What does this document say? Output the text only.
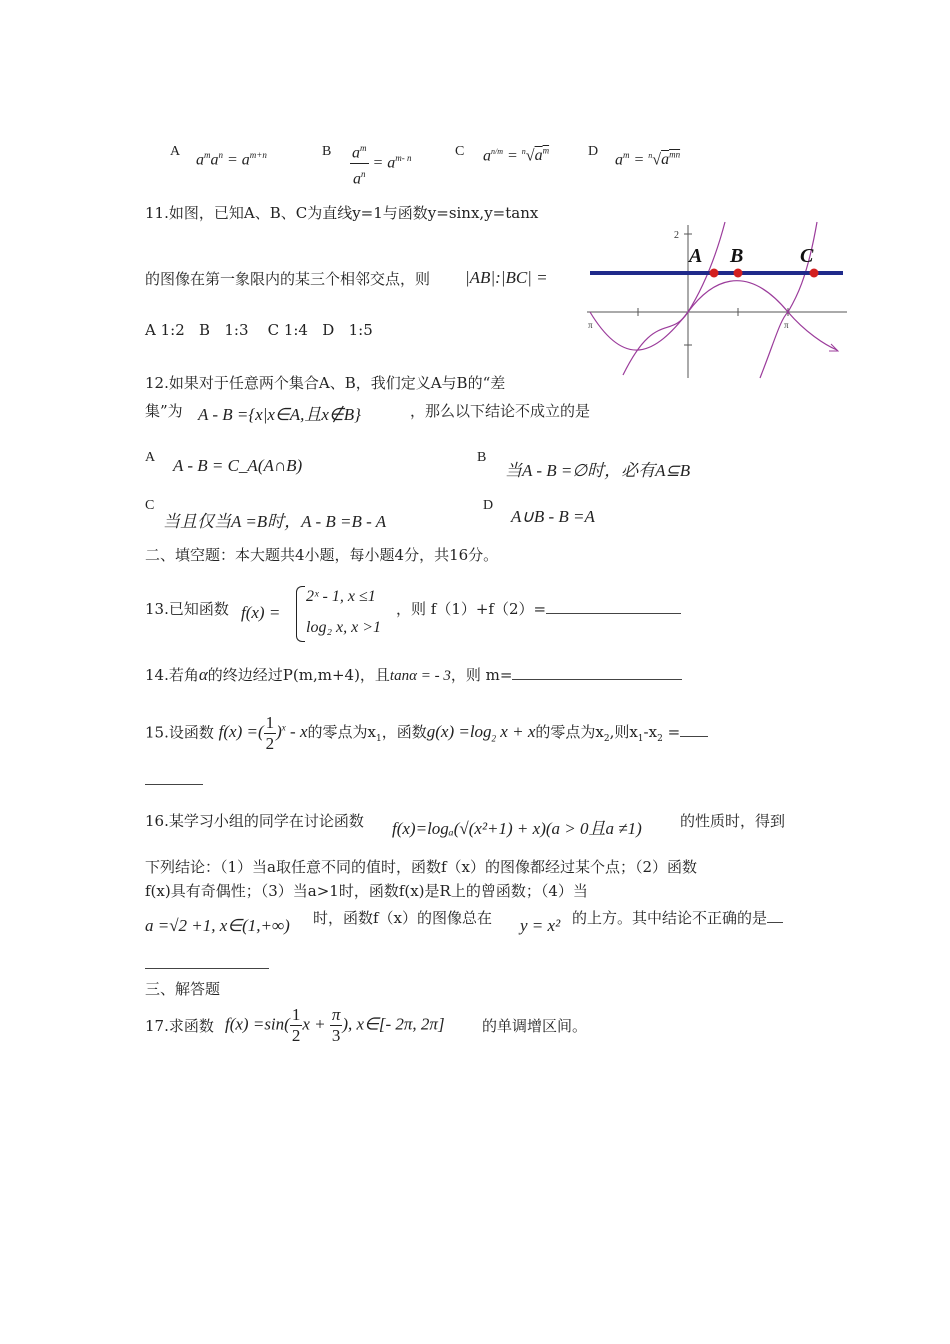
A $a^ma^n = a^{m+n}$	B $\frac{a^m}{a^n} = a^{m- n}$	C $a^{n/m} = ^n√a^m$	D $a^m = ^n√a^{mn}$
11.如图，已知A、B、C为直线y=1与函数y=sinx,y=tanx
的图像在第一象限内的某三个相邻交点，则 |AB|:|BC| =
A 1:2   B   1:3    C 1:4   D   1:5
2
π	π
A B	C
12.如果对于任意两个集合A、B，我们定义A与B的“差
集”为 A - B ={x|x∈A,且x∉B}	，那么以下结论不成立的是
A A - B = C_A(A∩B)	B
当A - B =∅时，必有A⊆B
C
当且仅当A =B时，A - B =B - A
D
A∪B - B =A
二、填空题：本大题共4小题，每小题4分，共16分。
13.已知函数 f(x) =
2ˣ - 1, x ≤1
log₂ x, x >1
，则 f（1）+f（2）=
14.若角α的终边经过P(m,m+4)，且tanα = - 3，则 m=
15.设函数 f(x) =( $\frac{1}{2} )^x$ - x的零点为$x_1$，函数$g(x) =\log_2$ x + x的零点为$x_2$,则$x_1-x_2$ =
16.某学习小组的同学在讨论函数 f(x)=logₐ(√(x²+1) + x)(a > 0且a ≠1)	的性质时，得到
下列结论：（1）当a取任意不同的值时，函数f（x）的图像都经过某个点；（2）函数
f(x)具有奇偶性；（3）当a>1时，函数f(x)是R上的曾函数；（4）当
a =√2 +1, x∈(1,+∞) 时，函数f（x）的图像总在 y = x² 的上方。其中结论不正确的是
三、解答题
17.求函数 $f(x) =\sin( \frac{1}{2}$ $x + \frac{\pi}{3}$ ), x∈[- 2π, 2π] 的单调增区间。
